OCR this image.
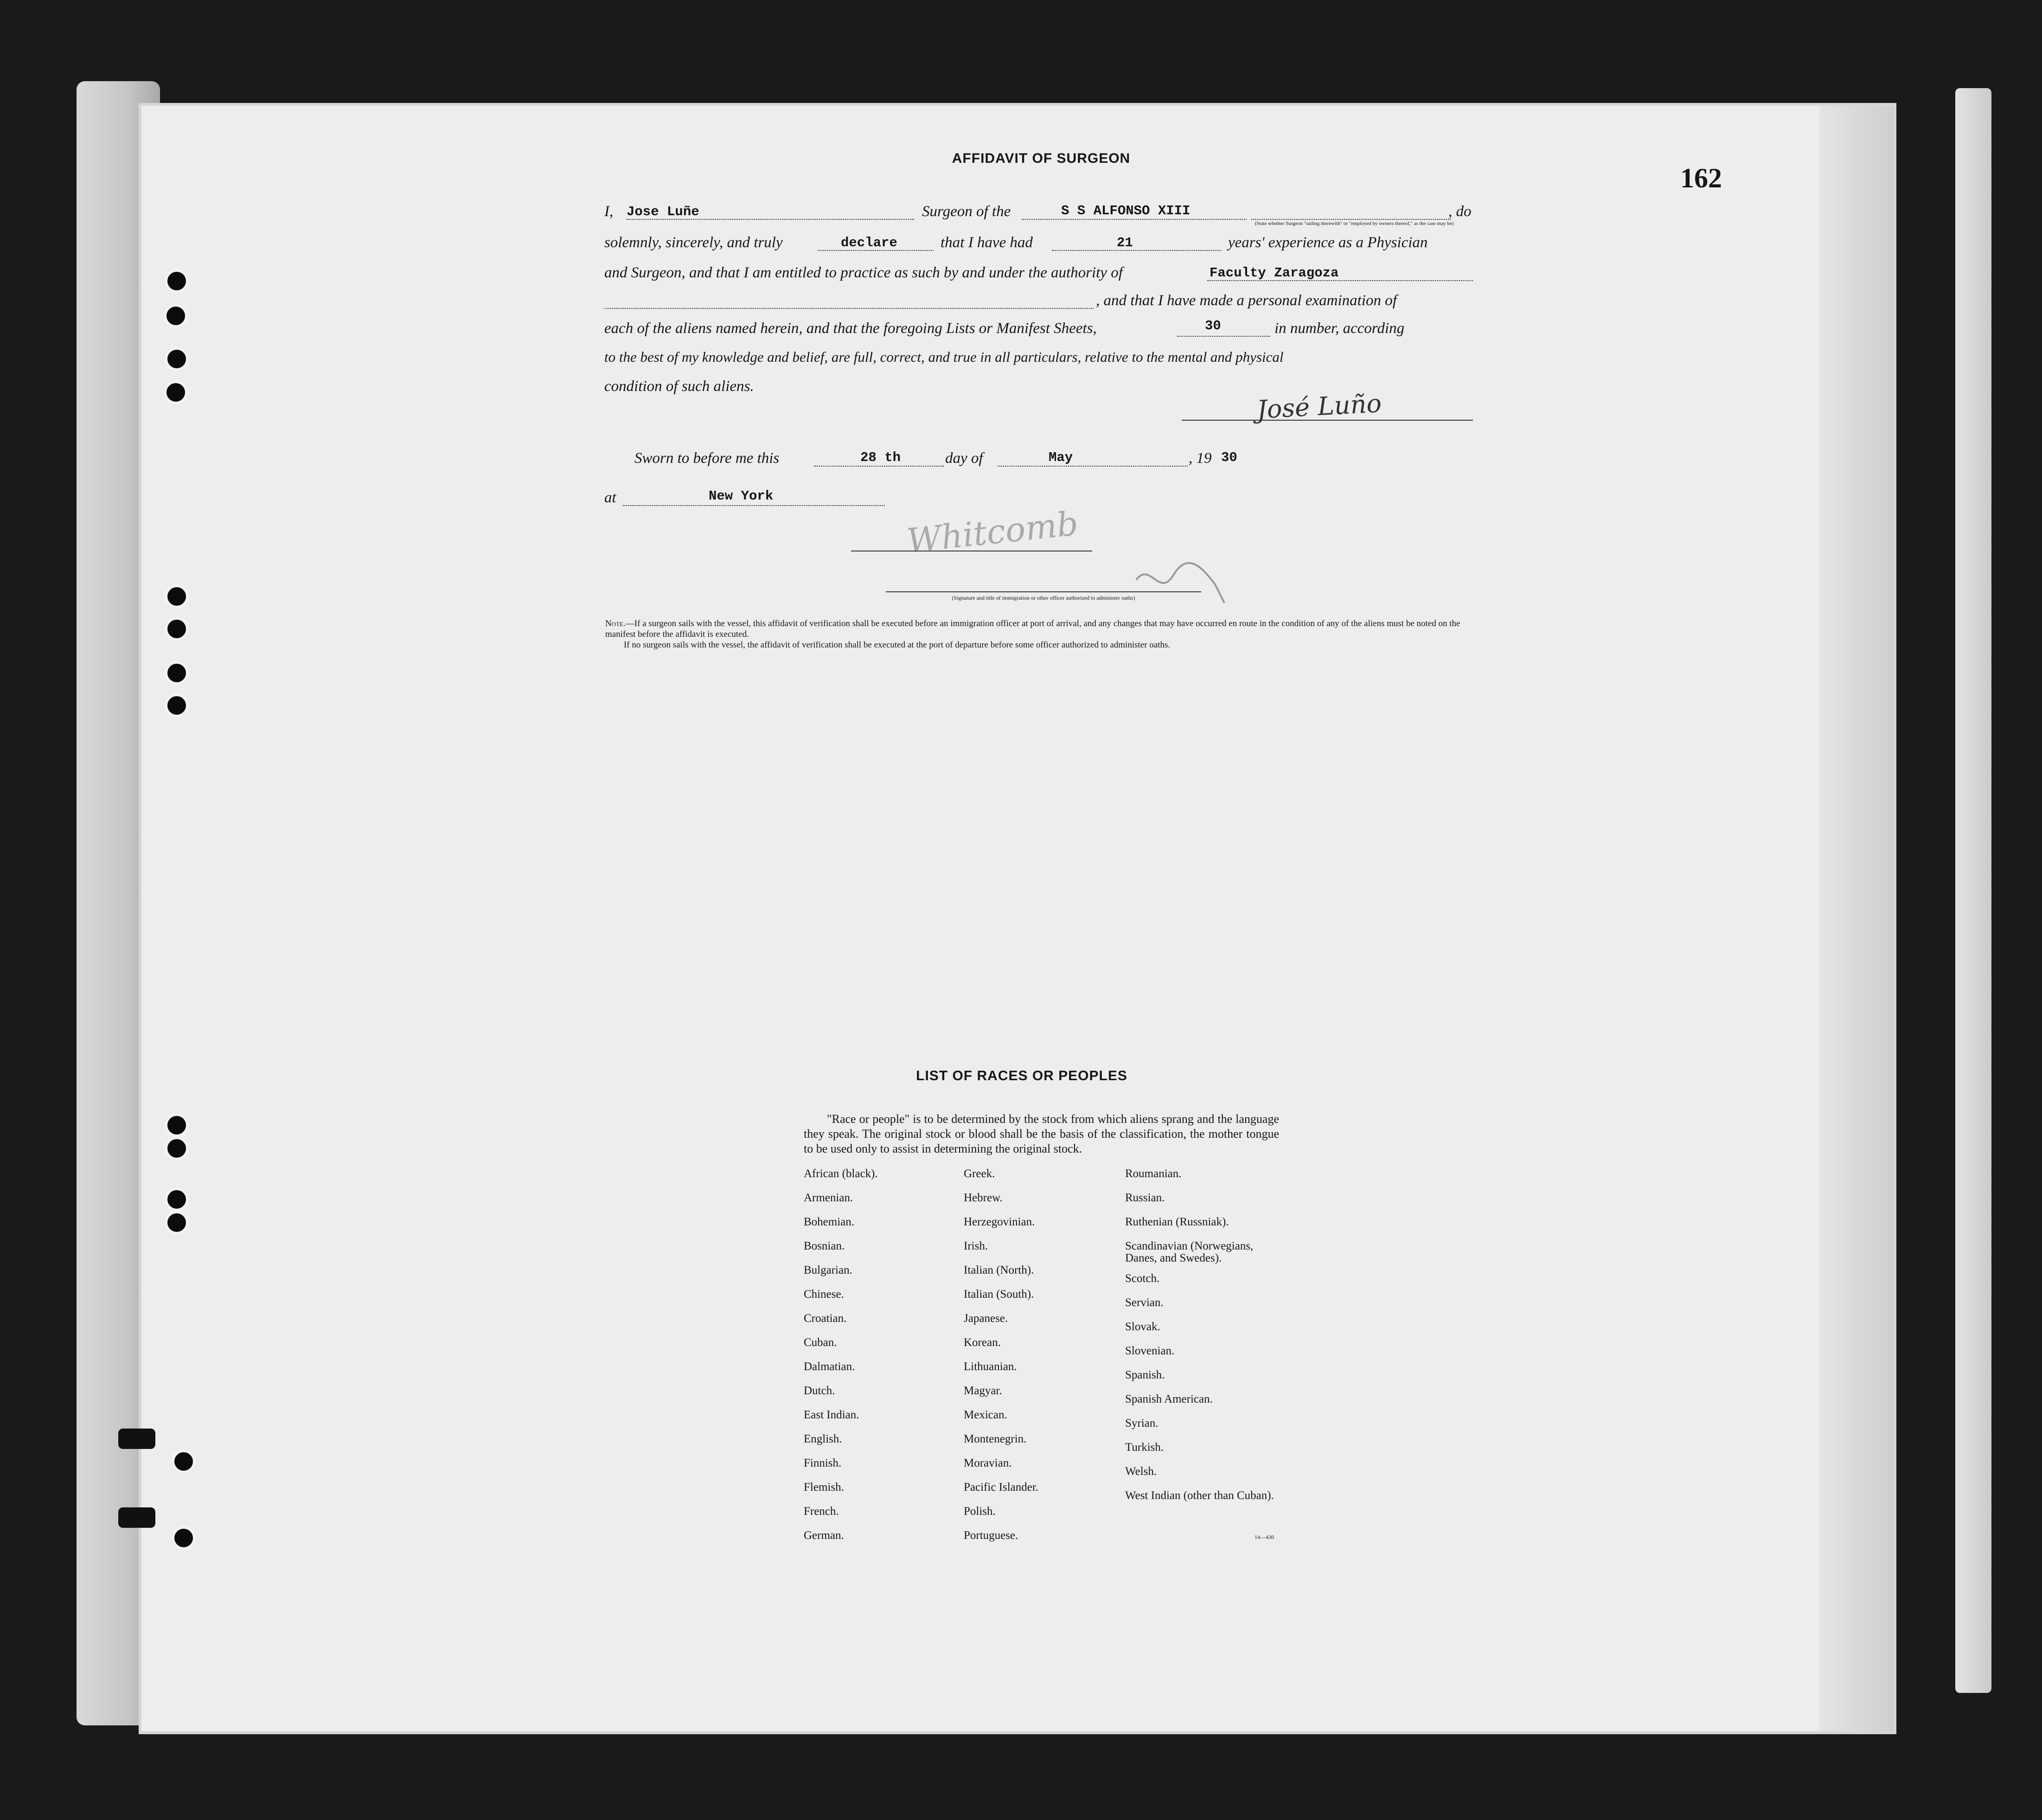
162
AFFIDAVIT OF SURGEON
I, Jose Luñe	Surgeon of the	S S ALFONSO XIII	, do
(State whether Surgeon "sailing therewith" or "employed by owners thereof," as the case may be)
solemnly, sincerely, and truly	declare	that I have had	21	years' experience as a Physician
and Surgeon, and that I am entitled to practice as such by and under the authority of	Faculty Zaragoza
, and that I have made a personal examination of
each of the aliens named herein, and that the foregoing Lists or Manifest Sheets,	30	in number, according
to the best of my knowledge and belief, are full, correct, and true in all particulars, relative to the mental and physical
condition of such aliens.
José Luño
Sworn to before me this	28 th	day of	May	, 19 30
at	New York
Whitcomb
(Signature and title of immigration or other officer authorized to administer oaths)
Note.—If a surgeon sails with the vessel, this affidavit of verification shall be executed before an immigration officer at port of arrival, and any changes that may have occurred en route in the condition of any of the aliens must be noted on the manifest before the affidavit is executed.
If no surgeon sails with the vessel, the affidavit of verification shall be executed at the port of departure before some officer authorized to administer oaths.
LIST OF RACES OR PEOPLES
"Race or people" is to be determined by the stock from which aliens sprang and the language they speak. The original stock or blood shall be the basis of the classification, the mother tongue to be used only to assist in determining the original stock.
African (black).
Armenian.
Bohemian.
Bosnian.
Bulgarian.
Chinese.
Croatian.
Cuban.
Dalmatian.
Dutch.
East Indian.
English.
Finnish.
Flemish.
French.
German.
Greek.
Hebrew.
Herzegovinian.
Irish.
Italian (North).
Italian (South).
Japanese.
Korean.
Lithuanian.
Magyar.
Mexican.
Montenegrin.
Moravian.
Pacific Islander.
Polish.
Portuguese.
Roumanian.
Russian.
Ruthenian (Russniak).
Scandinavian (Norwegians, Danes, and Swedes).
Scotch.
Servian.
Slovak.
Slovenian.
Spanish.
Spanish American.
Syrian.
Turkish.
Welsh.
West Indian (other than Cuban).
14—430
